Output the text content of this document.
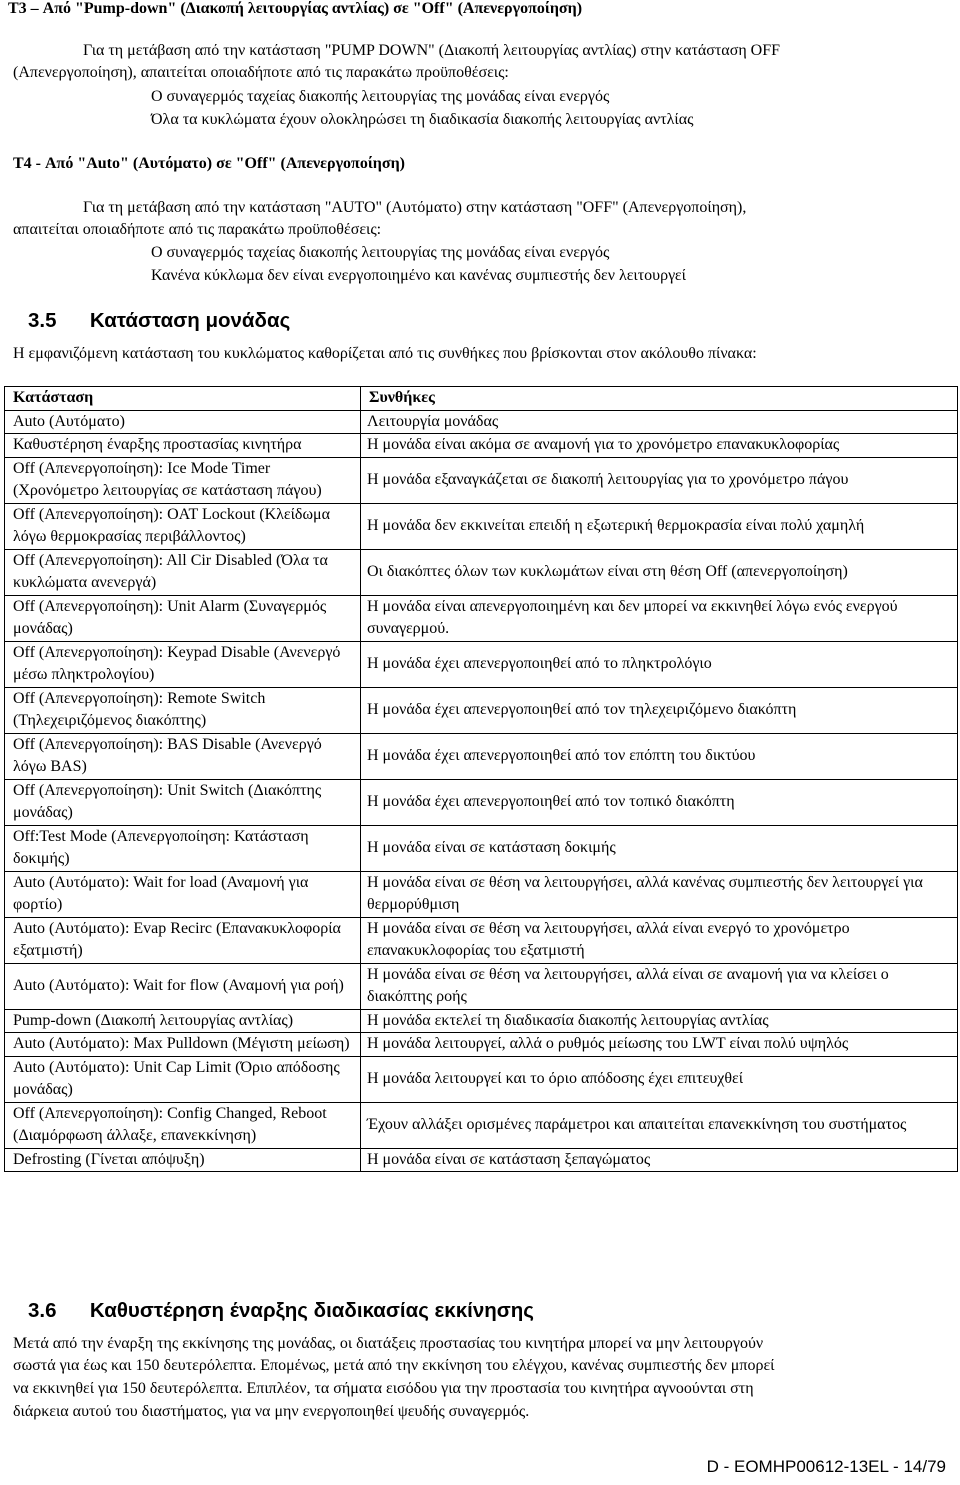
T3 – Από "Pump-down" (Διακοπή λειτουργίας αντλίας) σε "Off" (Απενεργοποίηση)
Για τη μετάβαση από την κατάσταση "PUMP DOWN" (Διακοπή λειτουργίας αντλίας) στην κατάσταση OFF
(Απενεργοποίηση), απαιτείται οποιαδήποτε από τις παρακάτω προϋποθέσεις:
Ο συναγερμός ταχείας διακοπής λειτουργίας της μονάδας είναι ενεργός
Όλα τα κυκλώματα έχουν ολοκληρώσει τη διαδικασία διακοπής λειτουργίας αντλίας
T4 - Από "Auto" (Αυτόματο) σε "Off" (Απενεργοποίηση)
Για τη μετάβαση από την κατάσταση "AUTO" (Αυτόματο) στην κατάσταση "OFF" (Απενεργοποίηση),
απαιτείται οποιαδήποτε από τις παρακάτω προϋποθέσεις:
Ο συναγερμός ταχείας διακοπής λειτουργίας της μονάδας είναι ενεργός
Κανένα κύκλωμα δεν είναι ενεργοποιημένο και κανένας συμπιεστής δεν λειτουργεί
3.5 Κατάσταση μονάδας
Η εμφανιζόμενη κατάσταση του κυκλώματος καθορίζεται από τις συνθήκες που βρίσκονται στον ακόλουθο πίνακα:
Κατάσταση	Συνθήκες
Auto (Αυτόματο)	Λειτουργία μονάδας
Καθυστέρηση έναρξης προστασίας κινητήρα	Η μονάδα είναι ακόμα σε αναμονή για το χρονόμετρο επανακυκλοφορίας
Off (Απενεργοποίηση): Ice Mode Timer (Χρονόμετρο λειτουργίας σε κατάσταση πάγου)	Η μονάδα εξαναγκάζεται σε διακοπή λειτουργίας για το χρονόμετρο πάγου
Off (Απενεργοποίηση): OAT Lockout (Κλείδωμα λόγω θερμοκρασίας περιβάλλοντος)	Η μονάδα δεν εκκινείται επειδή η εξωτερική θερμοκρασία είναι πολύ χαμηλή
Off (Απενεργοποίηση): All Cir Disabled (Όλα τα κυκλώματα ανενεργά)	Οι διακόπτες όλων των κυκλωμάτων είναι στη θέση Off (απενεργοποίηση)
Off (Απενεργοποίηση): Unit Alarm (Συναγερμός μονάδας)	Η μονάδα είναι απενεργοποιημένη και δεν μπορεί να εκκινηθεί λόγω ενός ενεργού συναγερμού.
Off (Απενεργοποίηση): Keypad Disable (Ανενεργό μέσω πληκτρολογίου)	Η μονάδα έχει απενεργοποιηθεί από το πληκτρολόγιο
Off (Απενεργοποίηση): Remote Switch (Τηλεχειριζόμενος διακόπτης)	Η μονάδα έχει απενεργοποιηθεί από τον τηλεχειριζόμενο διακόπτη
Off (Απενεργοποίηση): BAS Disable (Ανενεργό λόγω BAS)	Η μονάδα έχει απενεργοποιηθεί από τον επόπτη του δικτύου
Off (Απενεργοποίηση): Unit Switch (Διακόπτης μονάδας)	Η μονάδα έχει απενεργοποιηθεί από τον τοπικό διακόπτη
Off:Test Mode (Απενεργοποίηση: Κατάσταση δοκιμής)	Η μονάδα είναι σε κατάσταση δοκιμής
Auto (Αυτόματο): Wait for load (Αναμονή για φορτίο)	Η μονάδα είναι σε θέση να λειτουργήσει, αλλά κανένας συμπιεστής δεν λειτουργεί για θερμορύθμιση
Auto (Αυτόματο): Evap Recirc (Επανακυκλοφορία εξατμιστή)	Η μονάδα είναι σε θέση να λειτουργήσει, αλλά είναι ενεργό το χρονόμετρο επανακυκλοφορίας του εξατμιστή
Auto (Αυτόματο): Wait for flow (Αναμονή για ροή)	Η μονάδα είναι σε θέση να λειτουργήσει, αλλά είναι σε αναμονή για να κλείσει ο διακόπτης ροής
Pump-down (Διακοπή λειτουργίας αντλίας)	Η μονάδα εκτελεί τη διαδικασία διακοπής λειτουργίας αντλίας
Auto (Αυτόματο): Max Pulldown (Μέγιστη μείωση)	Η μονάδα λειτουργεί, αλλά ο ρυθμός μείωσης του LWT είναι πολύ υψηλός
Auto (Αυτόματο): Unit Cap Limit (Όριο απόδοσης μονάδας)	Η μονάδα λειτουργεί και το όριο απόδοσης έχει επιτευχθεί
Off (Απενεργοποίηση): Config Changed, Reboot (Διαμόρφωση άλλαξε, επανεκκίνηση)	Έχουν αλλάξει ορισμένες παράμετροι και απαιτείται επανεκκίνηση του συστήματος
Defrosting (Γίνεται απόψυξη)	Η μονάδα είναι σε κατάσταση ξεπαγώματος
3.6 Καθυστέρηση έναρξης διαδικασίας εκκίνησης
Μετά από την έναρξη της εκκίνησης της μονάδας, οι διατάξεις προστασίας του κινητήρα μπορεί να μην λειτουργούν
σωστά για έως και 150 δευτερόλεπτα. Επομένως, μετά από την εκκίνηση του ελέγχου, κανένας συμπιεστής δεν μπορεί
να εκκινηθεί για 150 δευτερόλεπτα. Επιπλέον, τα σήματα εισόδου για την προστασία του κινητήρα αγνοούνται στη
διάρκεια αυτού του διαστήματος, για να μην ενεργοποιηθεί ψευδής συναγερμός.
D - EOMHP00612-13EL - 14/79
